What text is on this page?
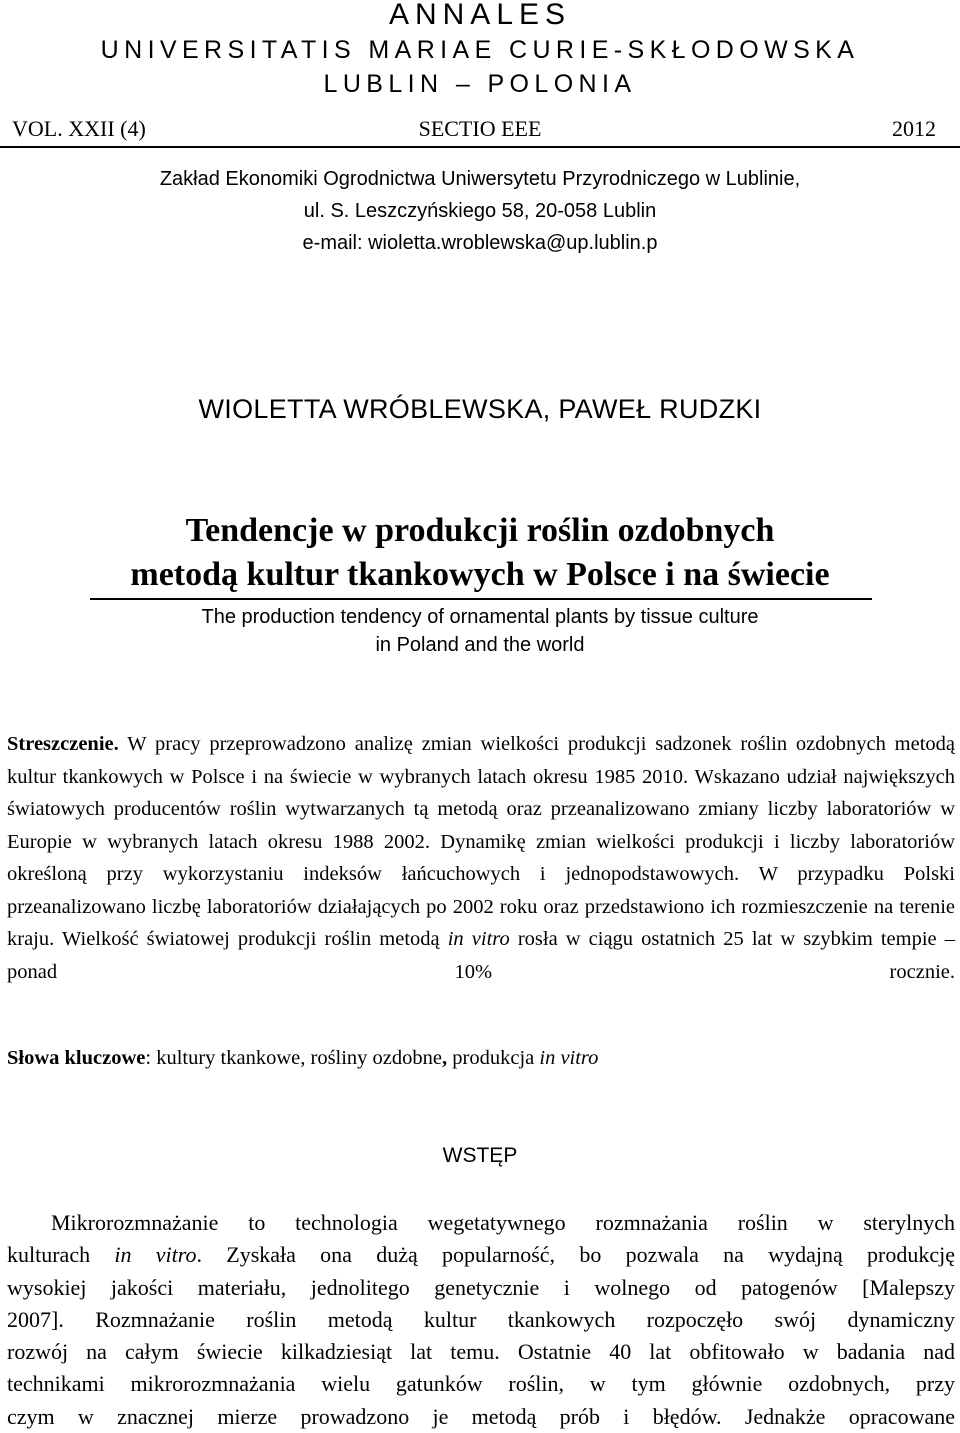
ANNALES
UNIVERSITATIS MARIAE CURIE-SKŁODOWSKA
LUBLIN – POLONIA
VOL. XXII (4)	SECTIO EEE	2012
Zakład Ekonomiki Ogrodnictwa Uniwersytetu Przyrodniczego w Lublinie,
ul. S. Leszczyńskiego 58, 20-058 Lublin
e-mail: wioletta.wroblewska@up.lublin.p
WIOLETTA WRÓBLEWSKA, PAWEŁ RUDZKI
Tendencje w produkcji roślin ozdobnych
metodą kultur tkankowych w Polsce i na świecie
The production tendency of ornamental plants by tissue culture
in Poland and the world
Streszczenie. W pracy przeprowadzono analizę zmian wielkości produkcji sadzonek roślin ozdobnych metodą kultur tkankowych w Polsce i na świecie w wybranych latach okresu 1985 2010. Wskazano udział największych światowych producentów roślin wytwarzanych tą metodą oraz przeanalizowano zmiany liczby laboratoriów w Europie w wybranych latach okresu 1988 2002. Dynamikę zmian wielkości produkcji i liczby laboratoriów określoną przy wykorzystaniu indeksów łańcuchowych i jednopodstawowych. W przypadku Polski przeanalizowano liczbę laboratoriów działających po 2002 roku oraz przedstawiono ich rozmieszczenie na terenie kraju. Wielkość światowej produkcji roślin metodą in vitro rosła w ciągu ostatnich 25 lat w szybkim tempie – ponad 10% rocznie.
Słowa kluczowe: kultury tkankowe, rośliny ozdobne, produkcja in vitro
WSTĘP
Mikrorozmnażanie to technologia wegetatywnego rozmnażania roślin w sterylnych
kulturach in vitro. Zyskała ona dużą popularność, bo pozwala na wydajną produkcję
wysokiej jakości materiału, jednolitego genetycznie i wolnego od patogenów [Malepszy
2007]. Rozmnażanie roślin metodą kultur tkankowych rozpoczęło swój dynamiczny
rozwój na całym świecie kilkadziesiąt lat temu. Ostatnie 40 lat obfitowało w badania nad
technikami mikrorozmnażania wielu gatunków roślin, w tym głównie ozdobnych, przy
czym w znacznej mierze prowadzono je metodą prób i błędów. Jednakże opracowane
